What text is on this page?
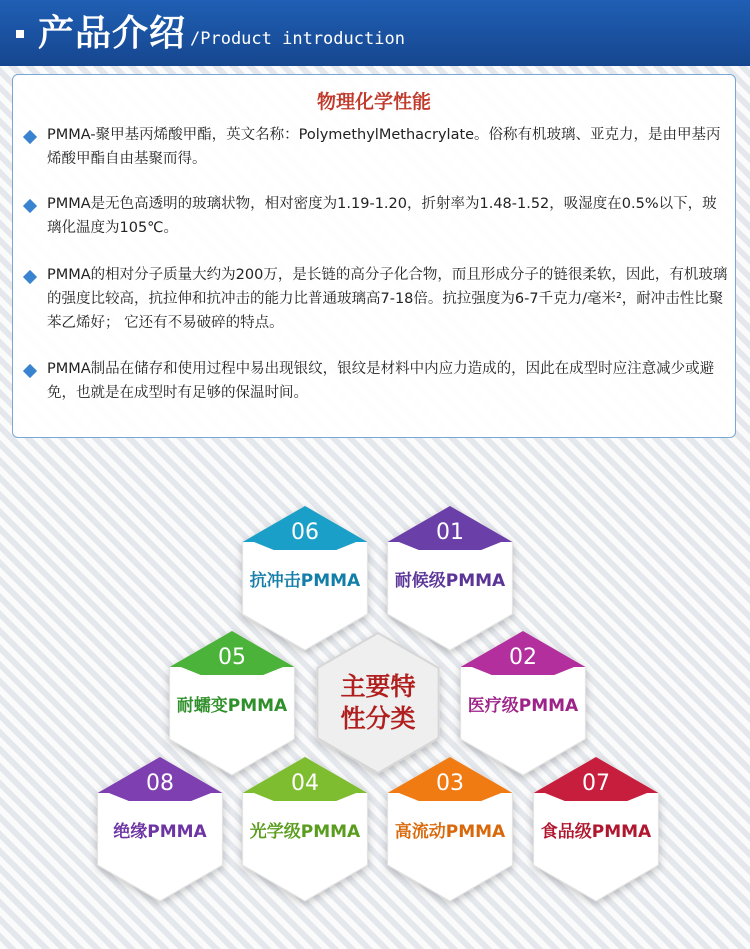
产品介绍 /Product introduction
物理化学性能

PMMA-聚甲基丙烯酸甲酯，英文名称：PolymethylMethacrylate。俗称有机玻璃、亚克力，是由甲基丙烯酸甲酯自由基聚而得。

PMMA是无色高透明的玻璃状物，相对密度为1.19-1.20，折射率为1.48-1.52，吸湿度在0.5%以下，玻璃化温度为105℃。

PMMA的相对分子质量大约为200万，是长链的高分子化合物，而且形成分子的链很柔软，因此，有机玻璃的强度比较高，抗拉伸和抗冲击的能力比普通玻璃高7-18倍。抗拉强度为6-7千克力/毫米²，耐冲击性比聚苯乙烯好； 它还有不易破碎的特点。

PMMA制品在储存和使用过程中易出现银纹，银纹是材料中内应力造成的，因此在成型时应注意减少或避免，也就是在成型时有足够的保温时间。

主要特
性分类
06
抗冲击PMMA
01
耐候级PMMA
05
耐蠕变PMMA
02
医疗级PMMA
08
绝缘PMMA
04
光学级PMMA
03
高流动PMMA
07
食品级PMMA
